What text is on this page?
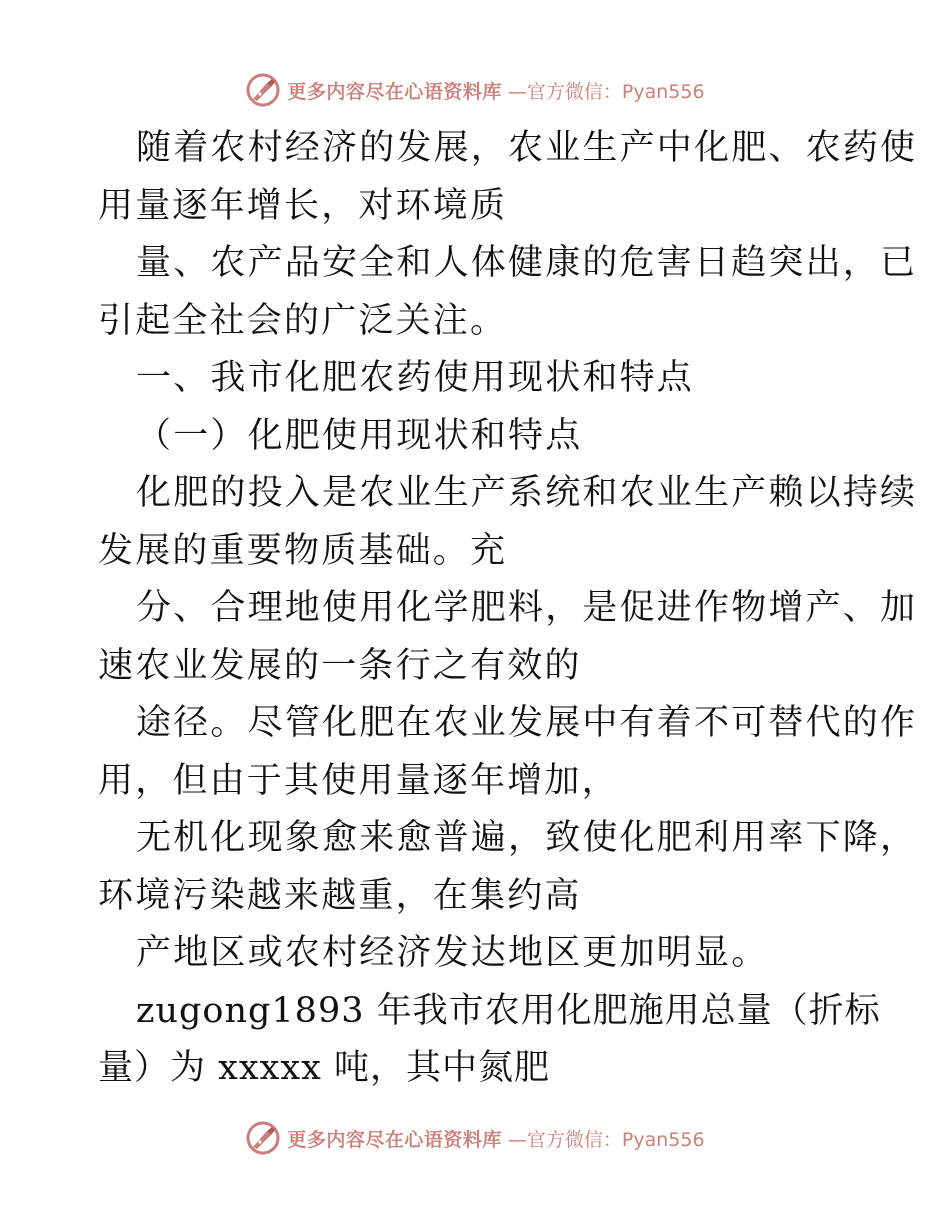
更多内容尽在心语资料库 —官方微信：Pyan556
随着农村经济的发展，农业生产中化肥、农药使
用量逐年增长，对环境质
量、农产品安全和人体健康的危害日趋突出，已
引起全社会的广泛关注。
一、我市化肥农药使用现状和特点
（一）化肥使用现状和特点
化肥的投入是农业生产系统和农业生产赖以持续
发展的重要物质基础。充
分、合理地使用化学肥料，是促进作物增产、加
速农业发展的一条行之有效的
途径。尽管化肥在农业发展中有着不可替代的作
用，但由于其使用量逐年增加，
无机化现象愈来愈普遍，致使化肥利用率下降，
环境污染越来越重，在集约高
产地区或农村经济发达地区更加明显。
zugong1893 年我市农用化肥施用总量（折标
量）为 xxxxx 吨，其中氮肥
更多内容尽在心语资料库 —官方微信：Pyan556
